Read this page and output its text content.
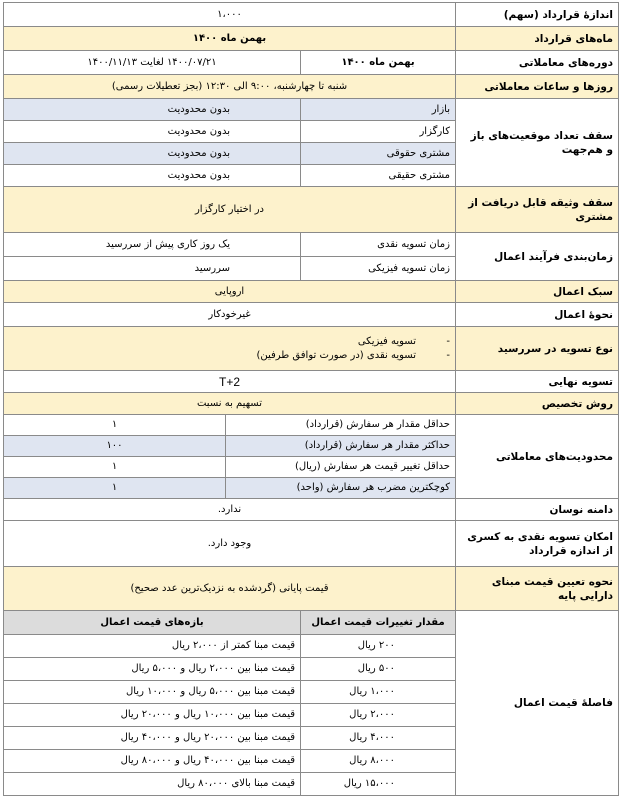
اندازهٔ قرارداد (سهم)	۱،۰۰۰		
ماه‌های قرارداد	بهمن ماه ۱۴۰۰		
دوره‌های معاملاتی	بهمن ماه ۱۴۰۰	۱۴۰۰/۰۷/۲۱ لغایت ۱۴۰۰/۱۱/۱۳	
روزها و ساعات معاملاتی	شنبه تا چهارشنبه، ۹:۰۰ الی ۱۲:۳۰ (بجز تعطیلات رسمی)		
سقف تعداد موقعیت‌های باز و هم‌جهت	بازار	بدون محدودیت	
	کارگزار	بدون محدودیت	
	مشتری حقوقی	بدون محدودیت	
	مشتری حقیقی	بدون محدودیت	
سقف وثیقه قابل دریافت از مشتری	در اختیار کارگزار		
زمان‌بندی فرآیند اعمال	زمان تسویه نقدی	یک روز کاری پیش از سررسید	
	زمان تسویه فیزیکی	سررسید	
سبک اعمال	اروپایی		
نحوهٔ اعمال	غیرخودکار		
نوع تسویه در سررسید	-تسویه فیزیکی
-تسویه نقدی (در صورت توافق طرفین)		

تسویه نهایی	T+2		
روش تخصیص	تسهیم به نسبت		
محدودیت‌های معاملاتی	حداقل مقدار هر سفارش (قرارداد)		۱
	حداکثر مقدار هر سفارش (قرارداد)		۱۰۰
	حداقل تغییر قیمت هر سفارش (ریال)		۱
	کوچکترین مضرب هر سفارش (واحد)		۱
دامنه نوسان	ندارد.		
امکان تسویه نقدی به کسری از اندازه قرارداد	وجود دارد.		
نحوه تعیین قیمت مبنای دارایی پایه	قیمت پایانی (گردشده به نزدیک‌ترین عدد صحیح)		
فاصلهٔ قیمت اعمال	مقدار تغییرات قیمت اعمال	بازه‌های قیمت اعمال	
	۲۰۰ ریال	قیمت مبنا کمتر از ۲،۰۰۰ ریال	
	۵۰۰ ریال	قیمت مبنا بین ۲،۰۰۰ ریال و ۵،۰۰۰ ریال	
	۱،۰۰۰ ریال	قیمت مبنا بین ۵،۰۰۰ ریال و ۱۰،۰۰۰ ریال	
	۲،۰۰۰ ریال	قیمت مبنا بین ۱۰،۰۰۰ ریال و ۲۰،۰۰۰ ریال	
	۴،۰۰۰ ریال	قیمت مبنا بین ۲۰،۰۰۰ ریال و ۴۰،۰۰۰ ریال	
	۸،۰۰۰ ریال	قیمت مبنا بین ۴۰،۰۰۰ ریال و ۸۰،۰۰۰ ریال	
	۱۵،۰۰۰ ریال	قیمت مبنا بالای ۸۰،۰۰۰ ریال	
